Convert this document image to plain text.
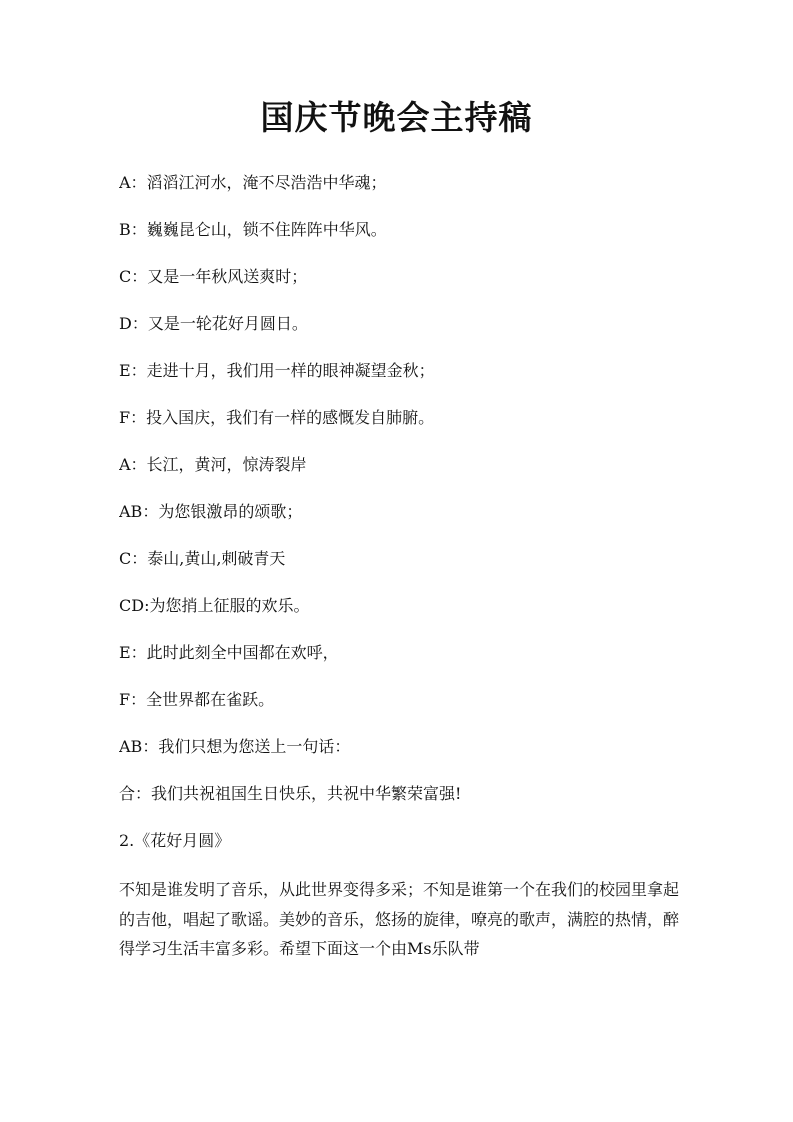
国庆节晚会主持稿
A：滔滔江河水，淹不尽浩浩中华魂；
B：巍巍昆仑山，锁不住阵阵中华风。
C：又是一年秋风送爽时；
D：又是一轮花好月圆日。
E：走进十月，我们用一样的眼神凝望金秋；
F：投入国庆，我们有一样的感慨发自肺腑。
A：长江，黄河，惊涛裂岸
AB：为您银激昂的颂歌；
C：泰山,黄山,刺破青天
CD:为您捎上征服的欢乐。
E：此时此刻全中国都在欢呼，
F：全世界都在雀跃。
AB：我们只想为您送上一句话：
合：我们共祝祖国生日快乐，共祝中华繁荣富强!
2.《花好月圆》
不知是谁发明了音乐，从此世界变得多采；不知是谁第一个在我们的校园里拿起的吉他，唱起了歌谣。美妙的音乐，悠扬的旋律，嘹亮的歌声，满腔的热情，醉得学习生活丰富多彩。希望下面这一个由Ms乐队带
